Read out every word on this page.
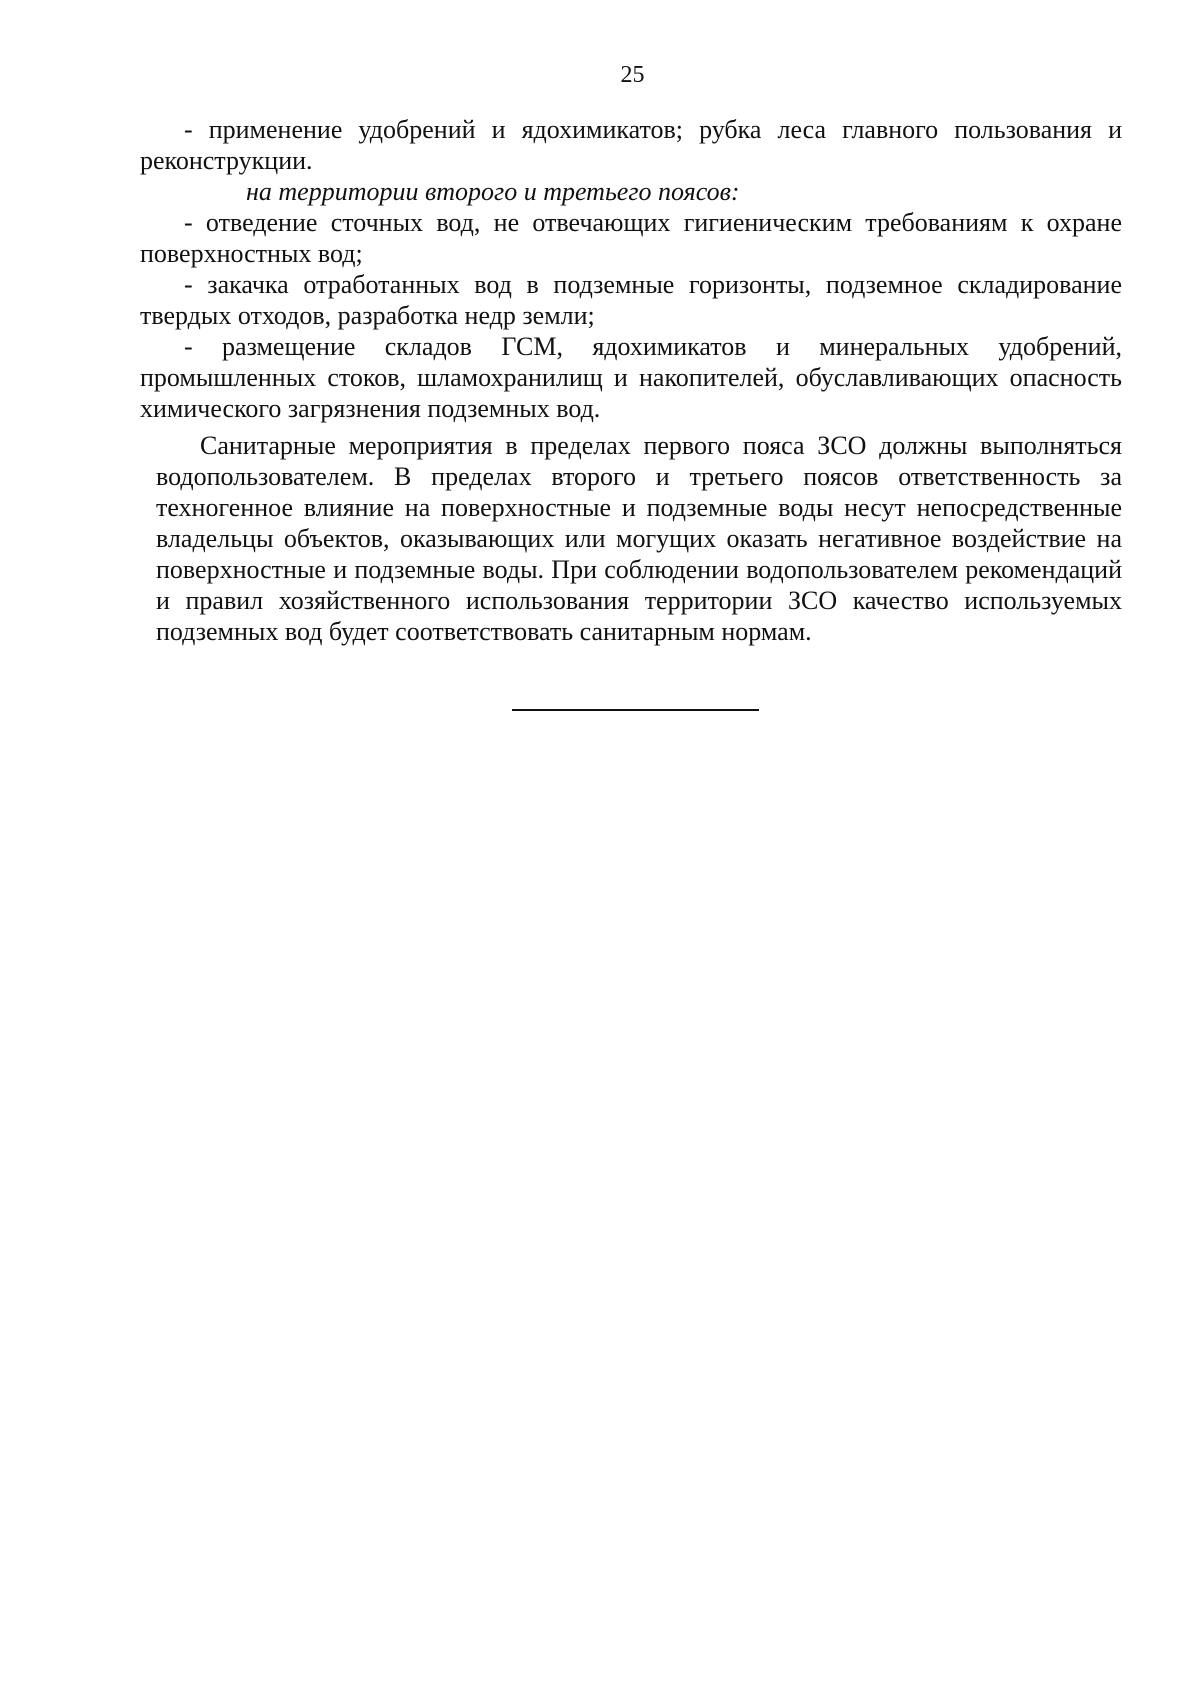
25

- применение удобрений и ядохимикатов; рубка леса главного пользования и реконструкции.

на территории второго и третьего поясов:

- отведение сточных вод, не отвечающих гигиеническим требованиям к охране поверхностных вод;

- закачка отработанных вод в подземные горизонты, подземное складирование твердых отходов, разработка недр земли;

- размещение складов ГСМ, ядохимикатов и минеральных удобрений, промышленных стоков, шламохранилищ и накопителей, обуславливающих опасность химического загрязнения подземных вод.

Санитарные мероприятия в пределах первого пояса ЗСО должны выполняться водопользователем. В пределах второго и третьего поясов ответственность за техногенное влияние на поверхностные и подземные воды несут непосредственные владельцы объектов, оказывающих или могущих оказать негативное воздействие на поверхностные и подземные воды. При соблюдении водопользователем рекомендаций и правил хозяйственного использования территории ЗСО качество используемых подземных вод будет соответствовать санитарным нормам.
